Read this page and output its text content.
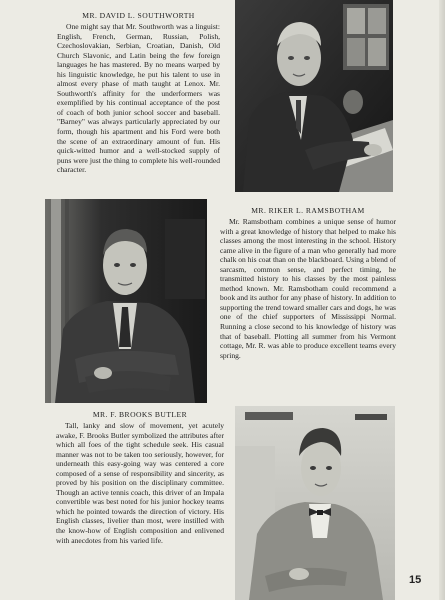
MR. DAVID L. SOUTHWORTH

One might say that Mr. Southworth was a linguist: English, French, German, Russian, Polish, Czechoslovakian, Serbian, Croatian, Danish, Old Church Slavonic, and Latin being the few foreign languages he has mastered. By no means warped by his linguistic knowledge, he put his talent to use in almost every phase of math taught at Lenox. Mr. Southworth's affinity for the underformers was exemplified by his continual acceptance of the post of coach of both junior school soccer and baseball. "Barney" was always particularly appreciated by our form, though his apartment and his Ford were both the scene of an extraordinary amount of fun. His quick-witted humor and a well-stocked supply of puns were just the thing to complete his well-rounded character.

MR. RIKER L. RAMSBOTHAM

Mr. Ramsbotham combines a unique sense of humor with a great knowledge of history that helped to make his classes among the most interesting in the school. History came alive in the figure of a man who generally had more chalk on his coat than on the blackboard. Using a blend of sarcasm, common sense, and perfect timing, he transmitted history to his classes by the most painless method known. Mr. Ramsbotham could recommend a book and its author for any phase of history. In addition to supporting the trend toward smaller cars and dogs, he was one of the chief supporters of Mississippi Normal. Running a close second to his knowledge of history was that of baseball. Plotting all summer from his Vermont cottage, Mr. R. was able to produce excellent teams every spring.

MR. F. BROOKS BUTLER

Tall, lanky and slow of movement, yet acutely awake, F. Brooks Butler symbolized the attributes after which all foes of the tight schedule seek. His casual manner was not to be taken too seriously, however, for underneath this easy-going way was centered a core composed of a sense of responsibility and sincerity, as proved by his position on the disciplinary committee. Though an active tennis coach, this driver of an Impala convertible was best noted for his junior hockey teams which he pointed towards the direction of victory. His English classes, livelier than most, were instilled with the know-how of English composition and enlivened with anecdotes from his varied life.

15
